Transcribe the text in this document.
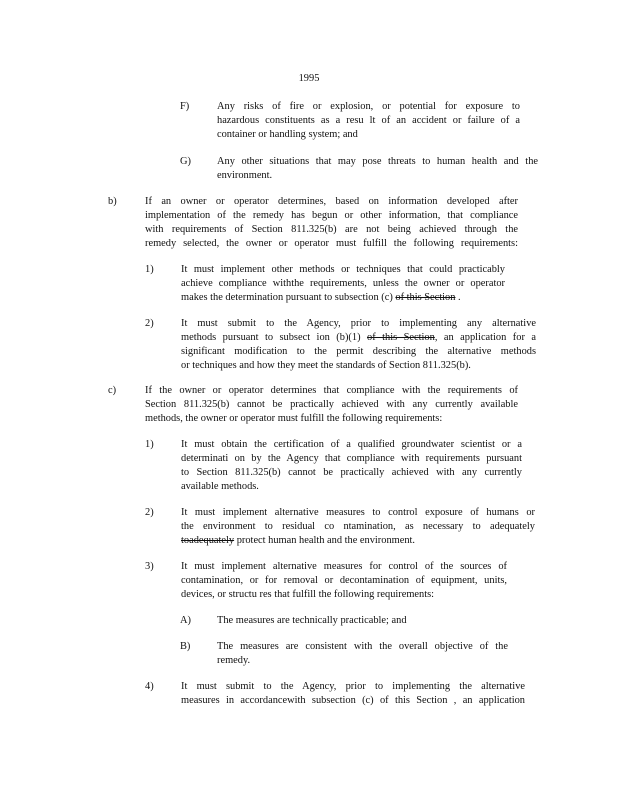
1995
F)	Any risks of fire or explosion, or potential for exposure to
hazardous constituents as a resu lt of an accident or failure of a
container or handling system; and
G)	Any other situations that may pose threats to human health and the
environment.
b)	If an owner or operator determines, based on information developed after
implementation of the remedy has begun or other information, that compliance
with requirements of Section 811.325(b) are not being achieved through the
remedy selected, the owner or operator must fulfill the following requirements:
1)	It must implement other methods or techniques that could practicably
achieve compliance withthe requirements, unless the owner or operator
makes the determination pursuant to subsection (c) of this Section .
2)	It must submit to the Agency, prior to implementing any alternative
methods pursuant to subsect ion (b)(1) of this Section, an application for a
significant modification to the permit describing the alternative methods
or techniques and how they meet the standards of Section 811.325(b).
c)	If the owner or operator determines that compliance with the requirements of
Section 811.325(b) cannot be practically achieved with any currently available
methods, the owner or operator must fulfill the following requirements:
1)	It must obtain the certification of a qualified groundwater scientist or a
determinati on by the Agency that compliance with requirements pursuant
to Section 811.325(b) cannot be practically achieved with any currently
available methods.
2)	It must implement alternative measures to control exposure of humans or
the environment to residual co ntamination, as necessary to adequately
toadequately protect human health and the environment.
3)	It must implement alternative measures for control of the sources of
contamination, or for removal or decontamination of equipment, units,
devices, or structu res that fulfill the following requirements:
A)	The measures are technically practicable; and
B)	The measures are consistent with the overall objective of the
remedy.
4)	It must submit to the Agency, prior to implementing the alternative
measures in accordancewith subsection (c) of this Section , an application
